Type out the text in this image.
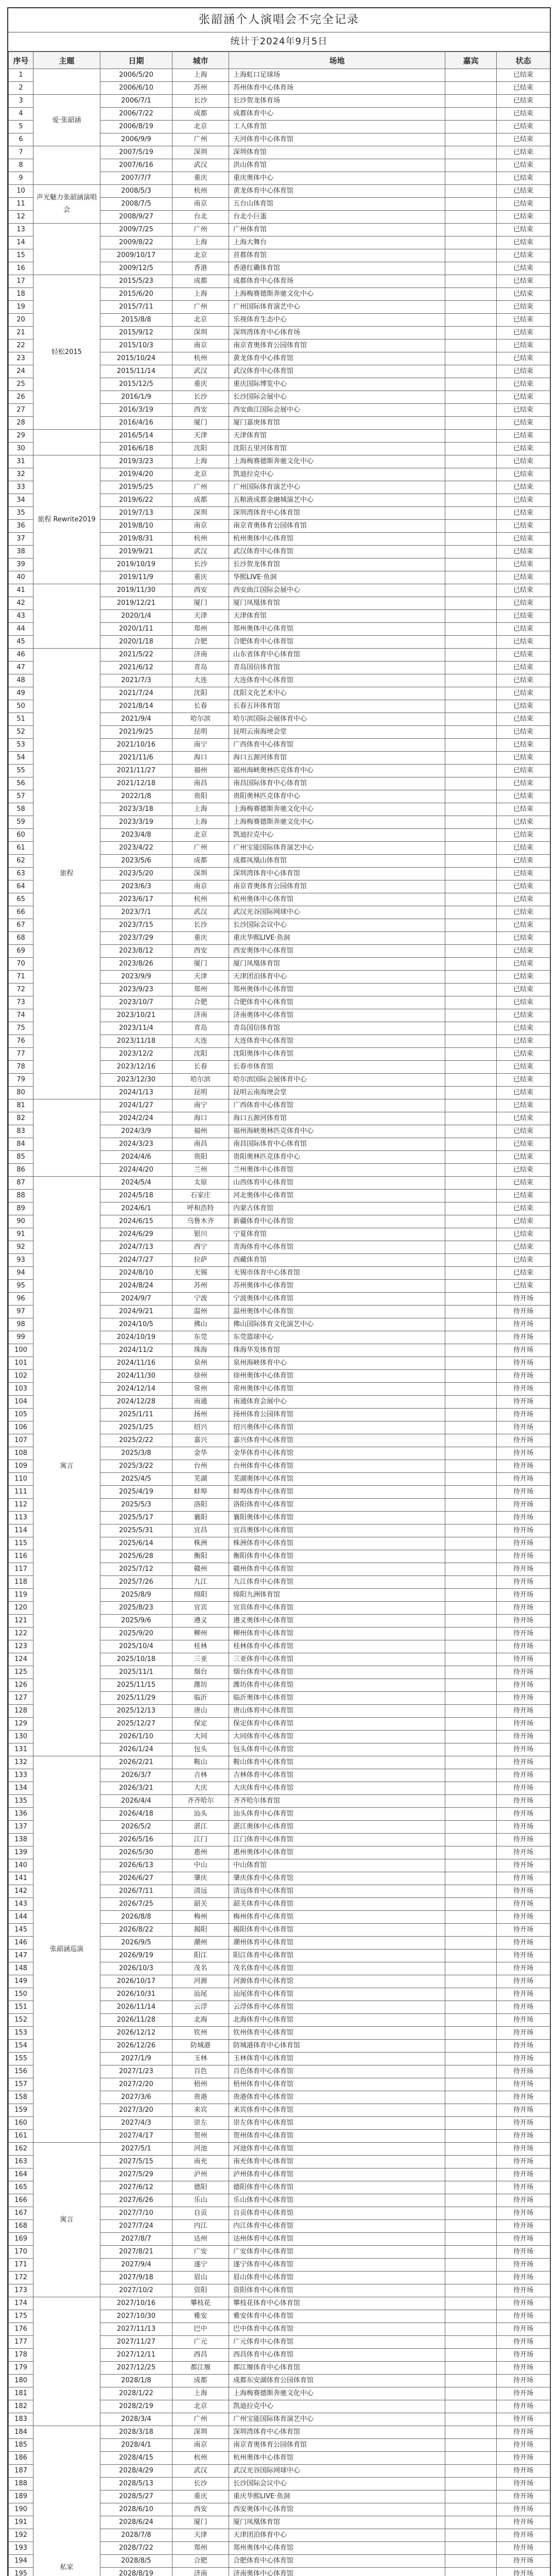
张韶涵个人演唱会不完全记录
统计于2024年9月5日
序号	主题	日期	城市	场地	嘉宾	状态
1		2006/5/20	上海	上海虹口足球场		已结束
2		2006/6/10	苏州	苏州体育中心体育场		已结束
3	爱·张韶涵	2006/7/1	长沙	长沙贺龙体育场		已结束
4		2006/7/22	成都	成都体育中心		已结束
5		2006/8/19	北京	工人体育馆		已结束
6		2006/9/9	广州	天河体育中心体育馆		已结束
7		2007/5/19	深圳	深圳体育馆		已结束
8		2007/6/16	武汉	洪山体育馆		已结束
9		2007/7/7	重庆	重庆奥体中心		已结束
10	声光魅力张韶涵演唱会	2008/5/3	杭州	黄龙体育中心体育馆		已结束
11		2008/7/5	南京	五台山体育馆		已结束
12		2008/9/27	台北	台北小巨蛋		已结束
13		2009/7/25	广州	广州体育馆		已结束
14		2009/8/22	上海	上海大舞台		已结束
15		2009/10/17	北京	首都体育馆		已结束
16		2009/12/5	香港	香港红磡体育馆		已结束
17	轻松2015	2015/5/23	成都	成都体育中心体育场		已结束
18		2015/6/20	上海	上海梅赛德斯奔驰文化中心		已结束
19		2015/7/11	广州	广州国际体育演艺中心		已结束
20		2015/8/8	北京	乐视体育生态中心		已结束
21		2015/9/12	深圳	深圳湾体育中心体育场		已结束
22		2015/10/3	南京	南京青奥体育公园体育馆		已结束
23		2015/10/24	杭州	黄龙体育中心体育馆		已结束
24		2015/11/14	武汉	武汉体育中心体育馆		已结束
25		2015/12/5	重庆	重庆国际博览中心		已结束
26		2016/1/9	长沙	长沙国际会展中心		已结束
27		2016/3/19	西安	西安曲江国际会展中心		已结束
28		2016/4/16	厦门	厦门嘉庚体育馆		已结束
29		2016/5/14	天津	天津体育馆		已结束
30		2016/6/18	沈阳	沈阳五里河体育馆		已结束
31	旅程 Rewrite2019	2019/3/23	上海	上海梅赛德斯奔驰文化中心		已结束
32		2019/4/20	北京	凯迪拉克中心		已结束
33		2019/5/25	广州	广州国际体育演艺中心		已结束
34		2019/6/22	成都	五粮液成都金融城演艺中心		已结束
35		2019/7/13	深圳	深圳湾体育中心体育馆		已结束
36		2019/8/10	南京	南京青奥体育公园体育馆		已结束
37		2019/8/31	杭州	杭州奥体中心体育馆		已结束
38		2019/9/21	武汉	武汉体育中心体育馆		已结束
39		2019/10/19	长沙	长沙贺龙体育馆		已结束
40		2019/11/9	重庆	华熙LIVE·鱼洞		已结束
41		2019/11/30	西安	西安曲江国际会展中心		已结束
42		2019/12/21	厦门	厦门凤凰体育馆		已结束
43		2020/1/4	天津	天津体育馆		已结束
44		2020/1/11	郑州	郑州奥体中心体育馆		已结束
45		2020/1/18	合肥	合肥体育中心体育馆		已结束
46	旅程	2021/5/22	济南	山东省体育中心体育馆		已结束
47		2021/6/12	青岛	青岛国信体育馆		已结束
48		2021/7/3	大连	大连体育中心体育馆		已结束
49		2021/7/24	沈阳	沈阳文化艺术中心		已结束
50		2021/8/14	长春	长春五环体育馆		已结束
51		2021/9/4	哈尔滨	哈尔滨国际会展体育中心		已结束
52		2021/9/25	昆明	昆明云南海埂会堂		已结束
53		2021/10/16	南宁	广西体育中心体育馆		已结束
54		2021/11/6	海口	海口五源河体育馆		已结束
55		2021/11/27	福州	福州海峡奥林匹克体育中心		已结束
56		2021/12/18	南昌	南昌国际体育中心体育馆		已结束
57		2022/1/8	贵阳	贵阳奥林匹克体育中心		已结束
58		2023/3/18	上海	上海梅赛德斯奔驰文化中心		已结束
59		2023/3/19	上海	上海梅赛德斯奔驰文化中心		已结束
60		2023/4/8	北京	凯迪拉克中心		已结束
61		2023/4/22	广州	广州宝能国际体育演艺中心		已结束
62		2023/5/6	成都	成都凤凰山体育馆		已结束
63		2023/5/20	深圳	深圳湾体育中心体育馆		已结束
64		2023/6/3	南京	南京青奥体育公园体育馆		已结束
65		2023/6/17	杭州	杭州奥体中心体育馆		已结束
66		2023/7/1	武汉	武汉光谷国际网球中心		已结束
67		2023/7/15	长沙	长沙国际会议中心		已结束
68		2023/7/29	重庆	重庆华熙LIVE·鱼洞		已结束
69		2023/8/12	西安	西安奥体中心体育馆		已结束
70		2023/8/26	厦门	厦门凤凰体育馆		已结束
71		2023/9/9	天津	天津团泊体育中心		已结束
72		2023/9/23	郑州	郑州奥体中心体育馆		已结束
73		2023/10/7	合肥	合肥体育中心体育馆		已结束
74		2023/10/21	济南	济南奥体中心体育馆		已结束
75		2023/11/4	青岛	青岛国信体育馆		已结束
76		2023/11/18	大连	大连体育中心体育馆		已结束
77		2023/12/2	沈阳	沈阳奥体中心体育馆		已结束
78		2023/12/16	长春	长春市体育馆		已结束
79		2023/12/30	哈尔滨	哈尔滨国际会展体育中心		已结束
80		2024/1/13	昆明	昆明云南海埂会堂		已结束
81		2024/1/27	南宁	广西体育中心体育馆		已结束
82		2024/2/24	海口	海口五源河体育馆		已结束
83		2024/3/9	福州	福州海峡奥林匹克体育中心		已结束
84		2024/3/23	南昌	南昌国际体育中心体育馆		已结束
85		2024/4/6	贵阳	贵阳奥林匹克体育中心		已结束
86		2024/4/20	兰州	兰州奥体中心体育馆		已结束
87	寓言	2024/5/4	太原	山西体育中心体育馆		已结束
88		2024/5/18	石家庄	河北奥体中心体育馆		已结束
89		2024/6/1	呼和浩特	内蒙古体育馆		已结束
90		2024/6/15	乌鲁木齐	新疆体育中心体育馆		已结束
91		2024/6/29	银川	宁夏体育馆		已结束
92		2024/7/13	西宁	青海体育中心体育馆		已结束
93		2024/7/27	拉萨	西藏体育馆		已结束
94		2024/8/10	无锡	无锡市体育中心体育馆		已结束
95		2024/8/24	苏州	苏州奥体中心体育馆		已结束
96		2024/9/7	宁波	宁波奥体中心体育馆		待开场
97		2024/9/21	温州	温州奥体中心体育馆		待开场
98		2024/10/5	佛山	佛山国际体育文化演艺中心		待开场
99		2024/10/19	东莞	东莞篮球中心		待开场
100		2024/11/2	珠海	珠海华发体育馆		待开场
101		2024/11/16	泉州	泉州海峡体育中心		待开场
102		2024/11/30	徐州	徐州奥体中心体育馆		待开场
103		2024/12/14	常州	常州奥体中心体育馆		待开场
104		2024/12/28	南通	南通体育会展中心		待开场
105		2025/1/11	扬州	扬州体育公园体育馆		待开场
106		2025/1/25	绍兴	绍兴奥体中心体育馆		待开场
107		2025/2/22	嘉兴	嘉兴体育中心体育馆		待开场
108		2025/3/8	金华	金华体育中心体育馆		待开场
109		2025/3/22	台州	台州体育中心体育馆		待开场
110		2025/4/5	芜湖	芜湖奥体中心体育馆		待开场
111		2025/4/19	蚌埠	蚌埠体育中心体育馆		待开场
112		2025/5/3	洛阳	洛阳体育中心体育馆		待开场
113		2025/5/17	襄阳	襄阳奥体中心体育馆		待开场
114		2025/5/31	宜昌	宜昌奥体中心体育馆		待开场
115		2025/6/14	株洲	株洲体育中心体育馆		待开场
116		2025/6/28	衡阳	衡阳体育中心体育馆		待开场
117		2025/7/12	赣州	赣州体育中心体育馆		待开场
118		2025/7/26	九江	九江体育中心体育馆		待开场
119		2025/8/9	绵阳	绵阳九洲体育馆		待开场
120		2025/8/23	宜宾	宜宾体育中心体育馆		待开场
121		2025/9/6	遵义	遵义奥体中心体育馆		待开场
122		2025/9/20	柳州	柳州体育中心体育馆		待开场
123		2025/10/4	桂林	桂林体育中心体育馆		待开场
124		2025/10/18	三亚	三亚体育中心体育馆		待开场
125		2025/11/1	烟台	烟台体育中心体育馆		待开场
126		2025/11/15	潍坊	潍坊体育中心体育馆		待开场
127		2025/11/29	临沂	临沂奥体中心体育馆		待开场
128		2025/12/13	唐山	唐山体育中心体育馆		待开场
129		2025/12/27	保定	保定体育中心体育馆		待开场
130		2026/1/10	大同	大同体育中心体育馆		待开场
131		2026/1/24	包头	包头体育中心体育馆		待开场
132	张韶涵巡演	2026/2/21	鞍山	鞍山体育中心体育馆		待开场
133		2026/3/7	吉林	吉林体育中心体育馆		待开场
134		2026/3/21	大庆	大庆体育中心体育馆		待开场
135		2026/4/4	齐齐哈尔	齐齐哈尔体育馆		待开场
136		2026/4/18	汕头	汕头体育中心体育馆		待开场
137		2026/5/2	湛江	湛江奥体中心体育馆		待开场
138		2026/5/16	江门	江门体育中心体育馆		待开场
139		2026/5/30	惠州	惠州奥体中心体育馆		待开场
140		2026/6/13	中山	中山体育馆		待开场
141		2026/6/27	肇庆	肇庆体育中心体育馆		待开场
142		2026/7/11	清远	清远体育中心体育馆		待开场
143		2026/7/25	韶关	韶关体育中心体育馆		待开场
144		2026/8/8	梅州	梅州体育中心体育馆		待开场
145		2026/8/22	揭阳	揭阳体育中心体育馆		待开场
146		2026/9/5	潮州	潮州体育中心体育馆		待开场
147		2026/9/19	阳江	阳江体育中心体育馆		待开场
148		2026/10/3	茂名	茂名体育中心体育馆		待开场
149		2026/10/17	河源	河源体育中心体育馆		待开场
150		2026/10/31	汕尾	汕尾体育中心体育馆		待开场
151		2026/11/14	云浮	云浮体育中心体育馆		待开场
152		2026/11/28	北海	北海体育中心体育馆		待开场
153		2026/12/12	钦州	钦州体育中心体育馆		待开场
154		2026/12/26	防城港	防城港体育中心体育馆		待开场
155		2027/1/9	玉林	玉林体育中心体育馆		待开场
156		2027/1/23	百色	百色体育中心体育馆		待开场
157		2027/2/20	梧州	梧州体育中心体育馆		待开场
158		2027/3/6	贵港	贵港体育中心体育馆		待开场
159		2027/3/20	来宾	来宾体育中心体育馆		待开场
160		2027/4/3	崇左	崇左体育中心体育馆		待开场
161		2027/4/17	贺州	贺州体育中心体育馆		待开场
162	寓言	2027/5/1	河池	河池体育中心体育馆		待开场
163		2027/5/15	南充	南充体育中心体育馆		待开场
164		2027/5/29	泸州	泸州体育中心体育馆		待开场
165		2027/6/12	德阳	德阳体育中心体育馆		待开场
166		2027/6/26	乐山	乐山体育中心体育馆		待开场
167		2027/7/10	自贡	自贡体育中心体育馆		待开场
168		2027/7/24	内江	内江体育中心体育馆		待开场
169		2027/8/7	达州	达州体育中心体育馆		待开场
170		2027/8/21	广安	广安体育中心体育馆		待开场
171		2027/9/4	遂宁	遂宁体育中心体育馆		待开场
172		2027/9/18	眉山	眉山体育中心体育馆		待开场
173		2027/10/2	资阳	资阳体育中心体育馆		待开场
174		2027/10/16	攀枝花	攀枝花体育中心体育馆		待开场
175		2027/10/30	雅安	雅安体育中心体育馆		待开场
176		2027/11/13	巴中	巴中体育中心体育馆		待开场
177		2027/11/27	广元	广元体育中心体育馆		待开场
178		2027/12/11	西昌	西昌体育中心体育馆		待开场
179		2027/12/25	都江堰	都江堰体育中心体育馆		待开场
180		2028/1/8	成都	成都东安湖体育公园体育馆		待开场
181		2028/1/22	上海	上海梅赛德斯奔驰文化中心		待开场
182		2028/2/19	北京	凯迪拉克中心		待开场
183		2028/3/4	广州	广州宝能国际体育演艺中心		待开场
184	私家	2028/3/18	深圳	深圳湾体育中心体育馆		待开场
185		2028/4/1	南京	南京青奥体育公园体育馆		待开场
186		2028/4/15	杭州	杭州奥体中心体育馆		待开场
187		2028/4/29	武汉	武汉光谷国际网球中心		待开场
188		2028/5/13	长沙	长沙国际会议中心		待开场
189		2028/5/27	重庆	重庆华熙LIVE·鱼洞		待开场
190		2028/6/10	西安	西安奥体中心体育馆		待开场
191		2028/6/24	厦门	厦门凤凰体育馆		待开场
192		2028/7/8	天津	天津团泊体育中心		待开场
193		2028/7/22	郑州	郑州奥体中心体育馆		待开场
194		2028/8/5	合肥	合肥体育中心体育馆		待开场
195		2028/8/19	济南	济南奥体中心体育馆		待开场
